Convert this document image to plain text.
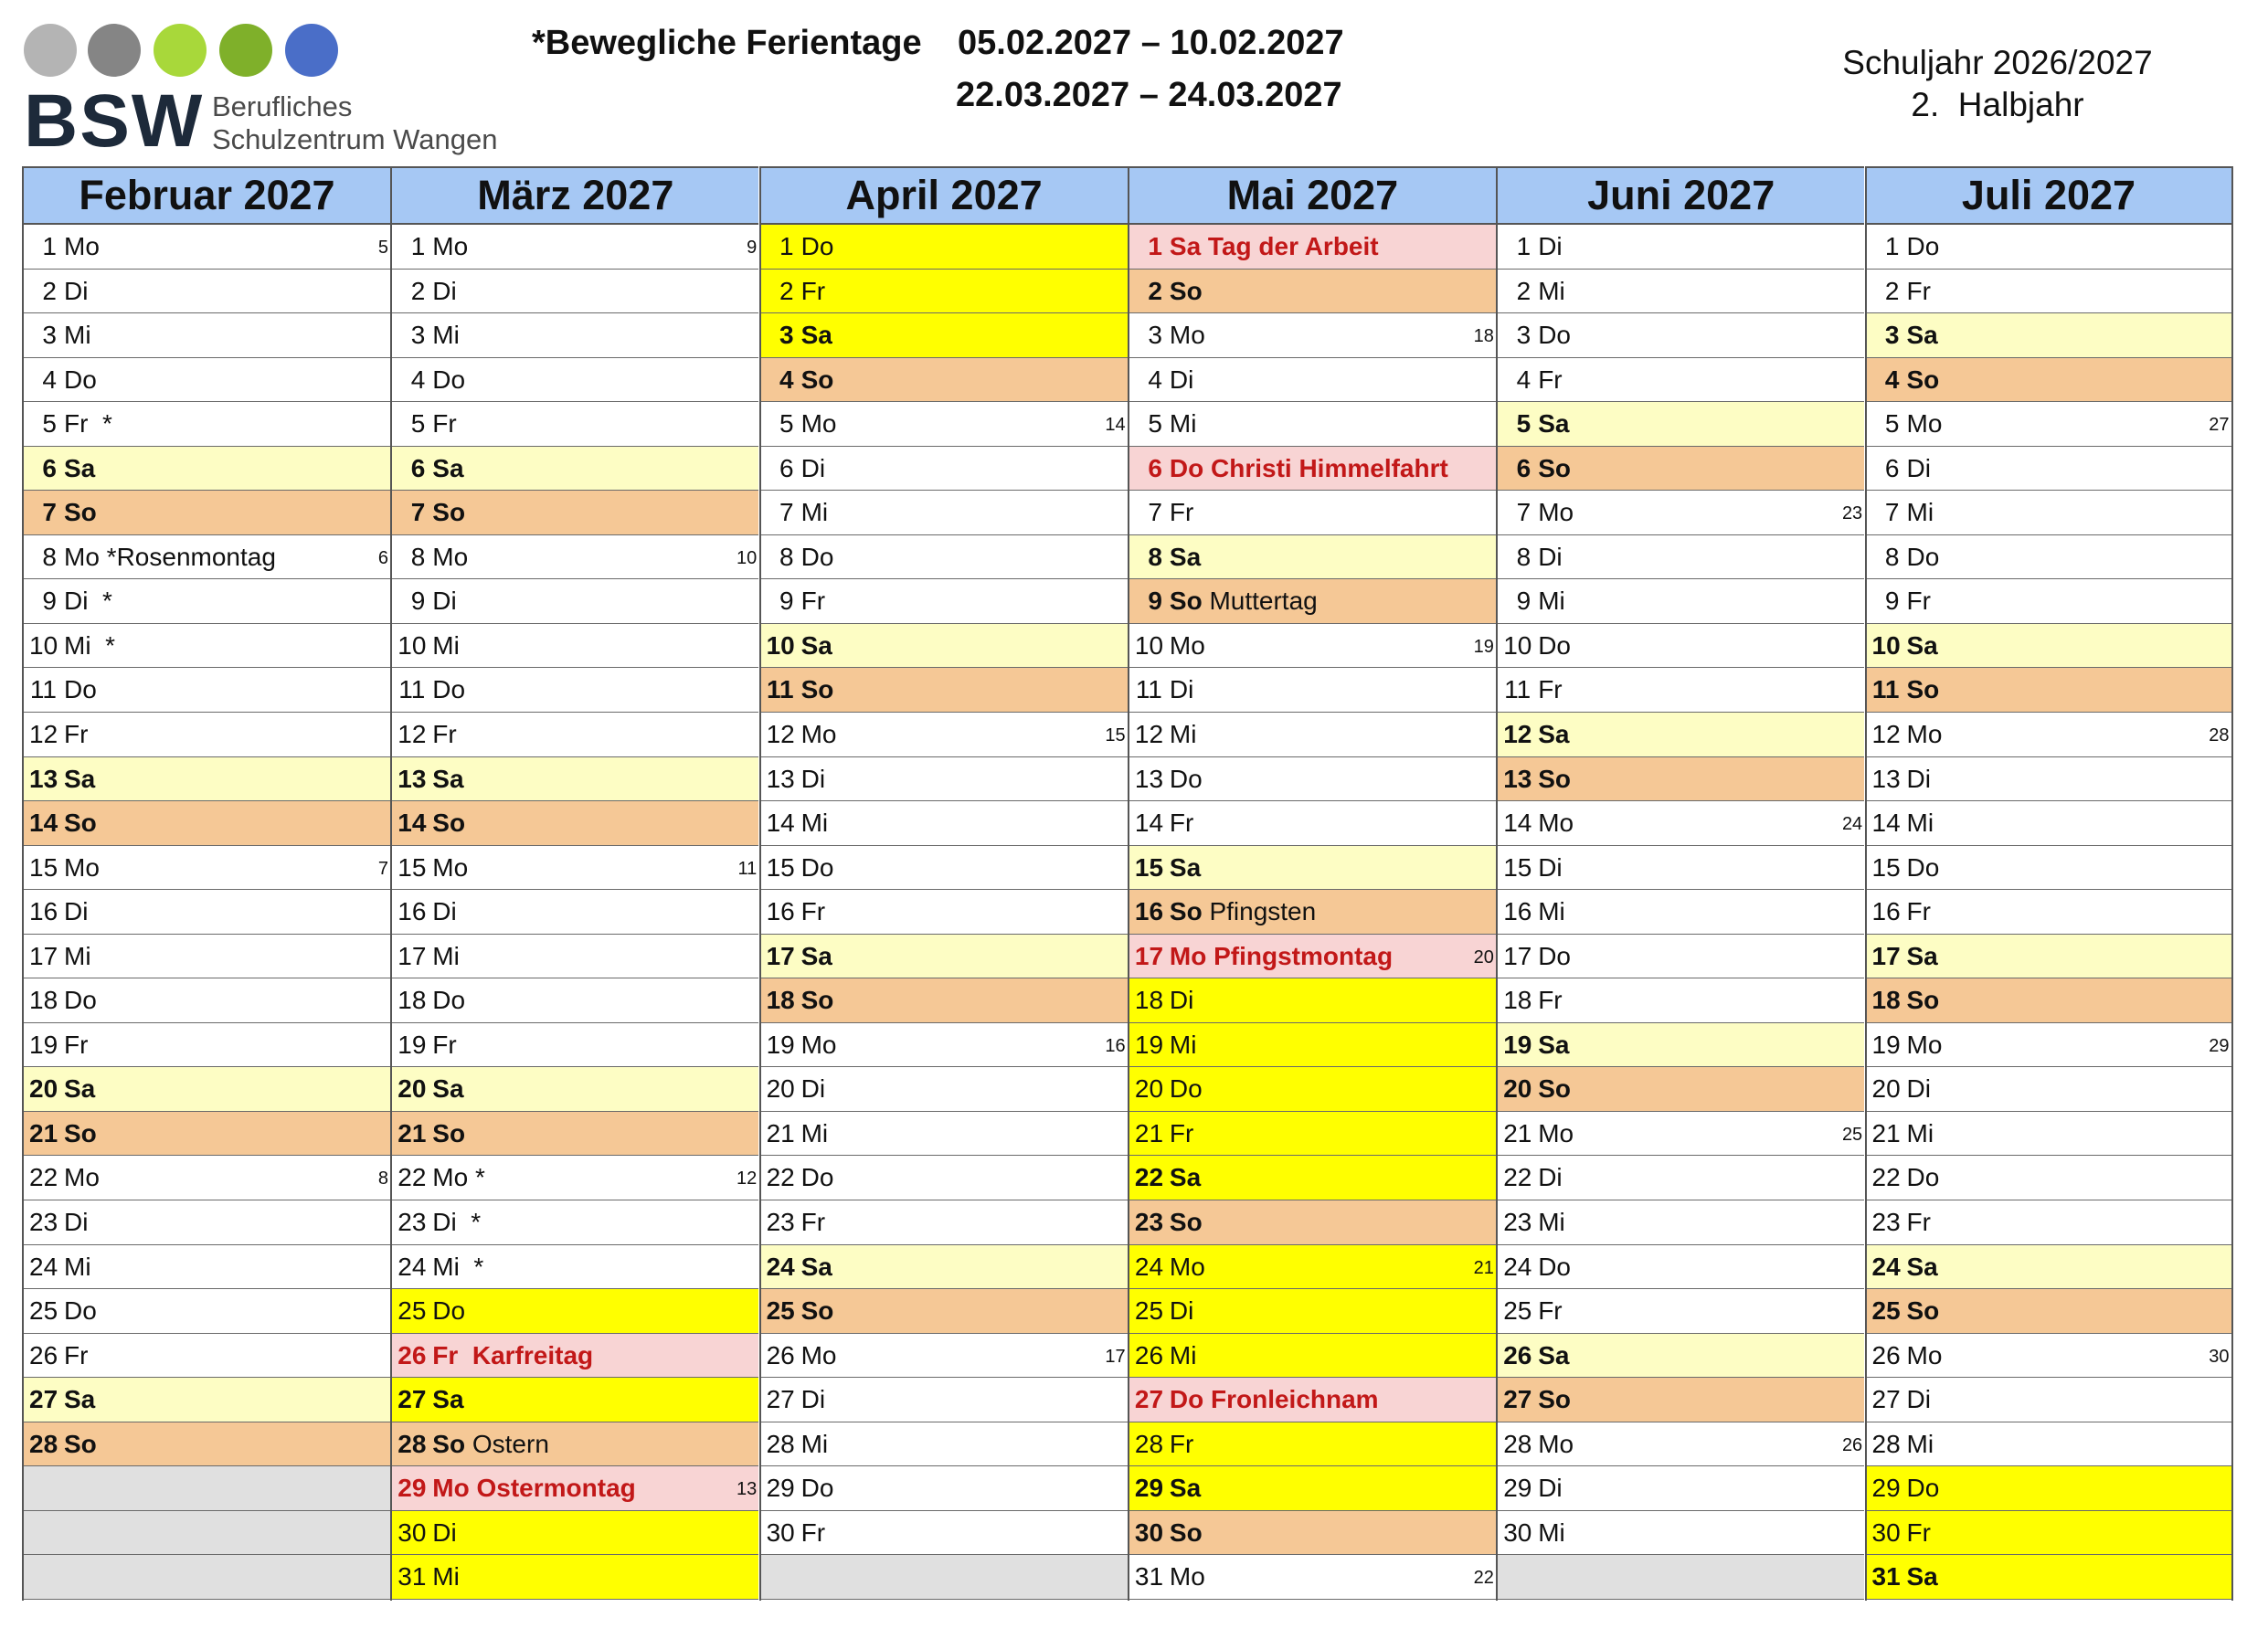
BSW Berufliches
Schulzentrum Wangen
*Bewegliche Ferientage 05.02.2027 – 10.02.2027
22.03.2027 – 24.03.2027
Schuljahr 2026/2027
2.  Halbjahr
Februar 2027
1 Mo	5
2 Di
3 Mi
4 Do
5 Fr  *
6 Sa
7 So
8 Mo *Rosenmontag	6
9 Di  *
10 Mi  *
11 Do
12 Fr
13 Sa
14 So
15 Mo	7
16 Di
17 Mi
18 Do
19 Fr
20 Sa
21 So
22 Mo	8
23 Di
24 Mi
25 Do
26 Fr
27 Sa
28 So
März 2027
1 Mo	9
2 Di
3 Mi
4 Do
5 Fr
6 Sa
7 So
8 Mo	10
9 Di
10 Mi
11 Do
12 Fr
13 Sa
14 So
15 Mo	11
16 Di
17 Mi
18 Do
19 Fr
20 Sa
21 So
22 Mo *	12
23 Di  *
24 Mi  *
25 Do
26 Fr  Karfreitag
27 Sa
28 So Ostern
29 Mo Ostermontag	13
30 Di
31 Mi
April 2027
1 Do
2 Fr
3 Sa
4 So
5 Mo	14
6 Di
7 Mi
8 Do
9 Fr
10 Sa
11 So
12 Mo	15
13 Di
14 Mi
15 Do
16 Fr
17 Sa
18 So
19 Mo	16
20 Di
21 Mi
22 Do
23 Fr
24 Sa
25 So
26 Mo	17
27 Di
28 Mi
29 Do
30 Fr
Mai 2027
1 Sa Tag der Arbeit
2 So
3 Mo	18
4 Di
5 Mi
6 Do Christi Himmelfahrt
7 Fr
8 Sa
9 So Muttertag
10 Mo	19
11 Di
12 Mi
13 Do
14 Fr
15 Sa
16 So Pfingsten
17 Mo Pfingstmontag	20
18 Di
19 Mi
20 Do
21 Fr
22 Sa
23 So
24 Mo	21
25 Di
26 Mi
27 Do Fronleichnam
28 Fr
29 Sa
30 So
31 Mo	22
Juni 2027
1 Di
2 Mi
3 Do
4 Fr
5 Sa
6 So
7 Mo	23
8 Di
9 Mi
10 Do
11 Fr
12 Sa
13 So
14 Mo	24
15 Di
16 Mi
17 Do
18 Fr
19 Sa
20 So
21 Mo	25
22 Di
23 Mi
24 Do
25 Fr
26 Sa
27 So
28 Mo	26
29 Di
30 Mi
Juli 2027
1 Do
2 Fr
3 Sa
4 So
5 Mo	27
6 Di
7 Mi
8 Do
9 Fr
10 Sa
11 So
12 Mo	28
13 Di
14 Mi
15 Do
16 Fr
17 Sa
18 So
19 Mo	29
20 Di
21 Mi
22 Do
23 Fr
24 Sa
25 So
26 Mo	30
27 Di
28 Mi
29 Do
30 Fr
31 Sa
